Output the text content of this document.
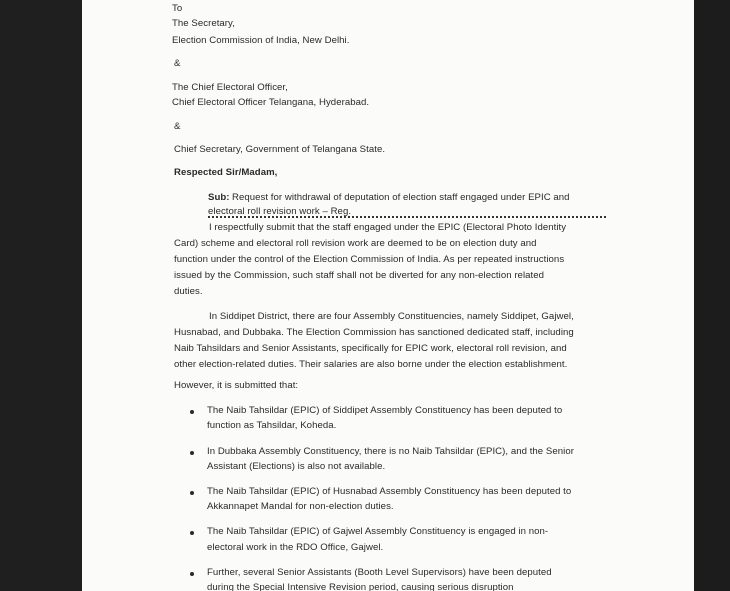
To
The Secretary,
Election Commission of India, New Delhi.
&
The Chief Electoral Officer,
Chief Electoral Officer Telangana, Hyderabad.
&
Chief Secretary, Government of Telangana State.
Respected Sir/Madam,
Sub: Request for withdrawal of deputation of election staff engaged under EPIC and
electoral roll revision work – Reg.
I respectfully submit that the staff engaged under the EPIC (Electoral Photo Identity
Card) scheme and electoral roll revision work are deemed to be on election duty and
function under the control of the Election Commission of India. As per repeated instructions
issued by the Commission, such staff shall not be diverted for any non-election related
duties.
In Siddipet District, there are four Assembly Constituencies, namely Siddipet, Gajwel,
Husnabad, and Dubbaka. The Election Commission has sanctioned dedicated staff, including
Naib Tahsildars and Senior Assistants, specifically for EPIC work, electoral roll revision, and
other election-related duties. Their salaries are also borne under the election establishment.
However, it is submitted that:
The Naib Tahsildar (EPIC) of Siddipet Assembly Constituency has been deputed to
function as Tahsildar, Koheda.
In Dubbaka Assembly Constituency, there is no Naib Tahsildar (EPIC), and the Senior
Assistant (Elections) is also not available.
The Naib Tahsildar (EPIC) of Husnabad Assembly Constituency has been deputed to
Akkannapet Mandal for non-election duties.
The Naib Tahsildar (EPIC) of Gajwel Assembly Constituency is engaged in non-
electoral work in the RDO Office, Gajwel.
Further, several Senior Assistants (Booth Level Supervisors) have been deputed
during the Special Intensive Revision period, causing serious disruption
